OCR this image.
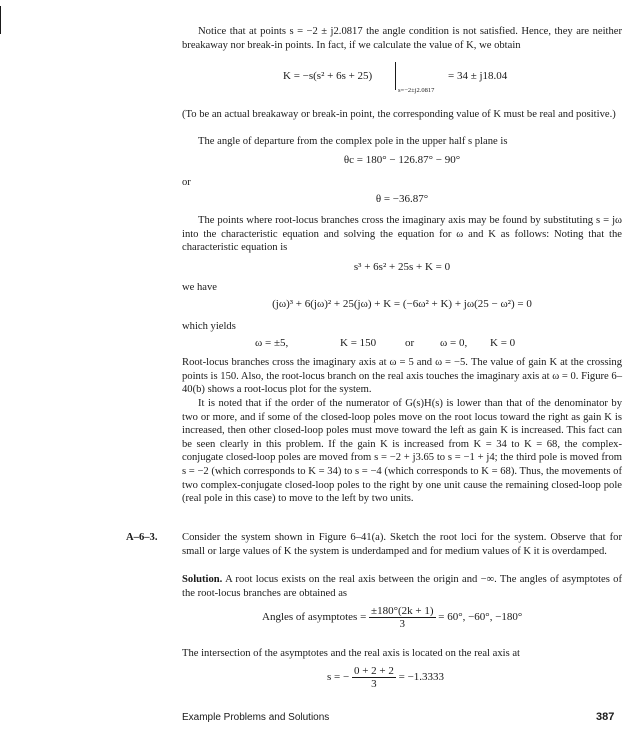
Notice that at points s = −2 ± j2.0817 the angle condition is not satisfied. Hence, they are neither breakaway nor break-in points. In fact, if we calculate the value of K, we obtain
K = −s(s² + 6s + 25)
s=−2±j2.0817
= 34 ± j18.04
(To be an actual breakaway or break-in point, the corresponding value of K must be real and positive.)
The angle of departure from the complex pole in the upper half s plane is
θc = 180° − 126.87° − 90°
or
θ = −36.87°
The points where root-locus branches cross the imaginary axis may be found by substituting s = jω into the characteristic equation and solving the equation for ω and K as follows: Noting that the characteristic equation is
s³ + 6s² + 25s + K = 0
we have
(jω)³ + 6(jω)² + 25(jω) + K = (−6ω² + K) + jω(25 − ω²) = 0
which yields
ω = ±5,	K = 150	or ω = 0, K = 0
Root-locus branches cross the imaginary axis at ω = 5 and ω = −5. The value of gain K at the crossing points is 150. Also, the root-locus branch on the real axis touches the imaginary axis at ω = 0. Figure 6–40(b) shows a root-locus plot for the system.
It is noted that if the order of the numerator of G(s)H(s) is lower than that of the denominator by two or more, and if some of the closed-loop poles move on the root locus toward the right as gain K is increased, then other closed-loop poles must move toward the left as gain K is increased. This fact can be seen clearly in this problem. If the gain K is increased from K = 34 to K = 68, the complex-conjugate closed-loop poles are moved from s = −2 + j3.65 to s = −1 + j4; the third pole is moved from s = −2 (which corresponds to K = 34) to s = −4 (which corresponds to K = 68). Thus, the movements of two complex-conjugate closed-loop poles to the right by one unit cause the remaining closed-loop pole (real pole in this case) to move to the left by two units.
A–6–3.	Consider the system shown in Figure 6–41(a). Sketch the root loci for the system. Observe that for small or large values of K the system is underdamped and for medium values of K it is overdamped.
Solution. A root locus exists on the real axis between the origin and −∞. The angles of asymptotes of the root-locus branches are obtained as
Angles of asymptotes = $\frac{\pm 180^\circ(2k + 1)}{3} = 60^\circ$, −60°, −180°
The intersection of the asymptotes and the real axis is located on the real axis at
s = − $\frac{0 + 2 + 2}{3} = -1.3333$
Example Problems and Solutions	387
